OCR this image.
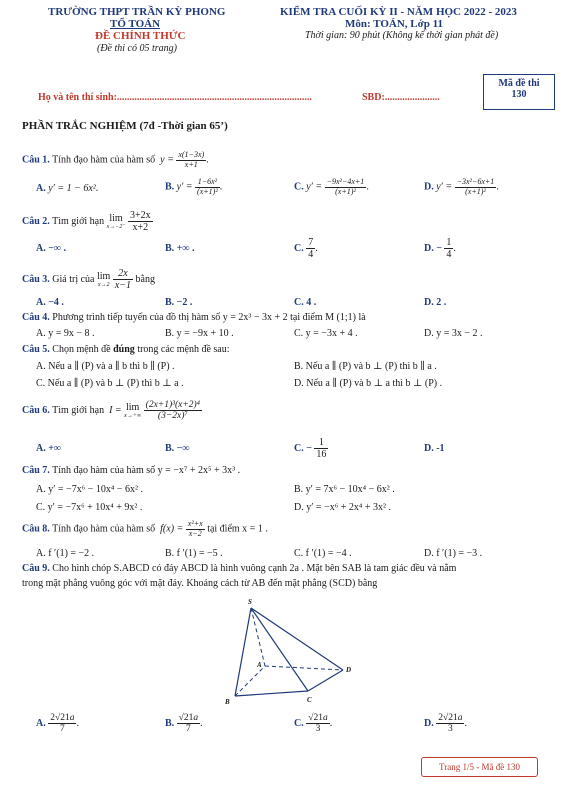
TRƯỜNG THPT TRẦN KỲ PHONG
TỔ TOÁN
ĐỀ CHÍNH THỨC
(Đề thi có 05 trang)
KIỂM TRA CUỐI KỲ II - NĂM HỌC 2022 - 2023
Môn: TOÁN, Lớp 11
Thời gian: 90 phút (Không kể thời gian phát đề)
Mã đề thi
130
Họ và tên thí sinh:..............................................................................	SBD:......................
PHẦN TRẮC NGHIỆM (7đ -Thời gian 65’)
Câu 1. Tính đạo hàm của hàm số  $y = \frac{x(1-3x)}{x+1}$ .
A. y′ = 1 − 6x².	B. $y' = \frac{\text{1−6x²}}{\text{(x+1)²}}$ .	C. $y' = \frac{\text{−9x²−4x+1}}{\text{(x+1)²}}$ .	D. $y' = \frac{\text{−3x²−6x+1}}{\text{(x+1)²}}$ .
Câu 2. Tìm giới hạn lim
x→−2⁻
$\frac{3+2x}{x+2}$
A. −∞ .	B. +∞ .	C. $\frac{7}{4}$ .	D. − $\frac{1}{4}$ .
Câu 3. Giá trị của lim
x→2
$\frac{2x}{x-1}$ bằng
A. −4 .	B. −2 .	C. 4 .	D. 2 .
Câu 4. Phương trình tiếp tuyến của đồ thị hàm số y = 2x³ − 3x + 2 tại điểm M (1;1) là
A. y = 9x − 8 .	B. y = −9x + 10 .	C. y = −3x + 4 .	D. y = 3x − 2 .
Câu 5. Chọn mệnh đề đúng trong các mệnh đề sau:
A. Nếu a ∥ (P) và a ∥ b thì b ∥ (P) .	B. Nếu a ∥ (P) và b ⊥ (P) thì b ∥ a .
C. Nếu a ∥ (P) và b ⊥ (P) thì b ⊥ a .	D. Nếu a ∥ (P) và b ⊥ a thì b ⊥ (P) .
Câu 6. Tìm giới hạn  I = lim
x→+∞
$\frac{\text{(2x+1)³(x+2)⁴}}{\text{(3−2x)⁷}}$
A. +∞	B. −∞	C. − $\frac{1}{16}$	D. -1
Câu 7. Tính đạo hàm của hàm số y = −x⁷ + 2x⁵ + 3x³ .
A. y′ = −7x⁶ − 10x⁴ − 6x² .	B. y′ = 7x⁶ − 10x⁴ − 6x² .
C. y′ = −7x⁶ + 10x⁴ + 9x² .	D. y′ = −x⁶ + 2x⁴ + 3x² .
Câu 8. Tính đạo hàm của hàm số  $f(x) = \frac{\text{x²+x}}{x-2}$ tại điểm x = 1 .
A. f ′(1) = −2 .	B. f ′(1) = −5 .	C. f ′(1) = −4 .	D. f ′(1) = −3 .
Câu 9. Cho hình chóp S.ABCD có đáy ABCD là hình vuông cạnh 2a . Mặt bên SAB là tam giác đều và nằm
trong mặt phẳng vuông góc với mặt đáy. Khoảng cách từ AB đến mặt phẳng (SCD) bằng
S
A
B	C
D
A. $\frac{2√21a}{7}$ .	B. $\frac{√21a}{7}$ .	C. $\frac{√21a}{3}$ .	D. $\frac{2√21a}{3}$ .
Trang 1/5 - Mã đề 130
